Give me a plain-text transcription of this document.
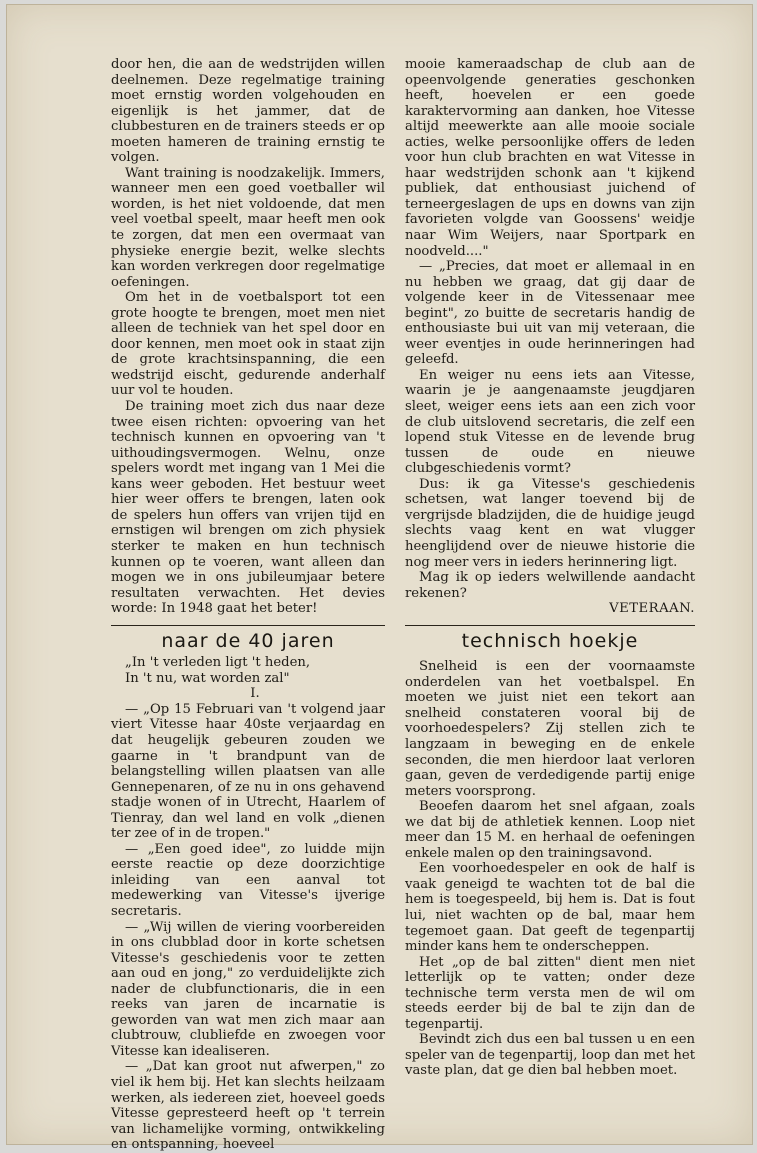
door hen, die aan de wedstrijden willen deelnemen. Deze regelmatige training moet ernstig worden volgehouden en eigenlijk is het jammer, dat de clubbesturen en de trainers steeds er op moeten hameren de training ernstig te volgen.

Want training is noodzakelijk. Immers, wanneer men een goed voetballer wil worden, is het niet voldoende, dat men veel voetbal speelt, maar heeft men ook te zorgen, dat men een overmaat van physieke energie bezit, welke slechts kan worden verkregen door regelmatige oefeningen.

Om het in de voetbalsport tot een grote hoogte te brengen, moet men niet alleen de techniek van het spel door en door kennen, men moet ook in staat zijn de grote krachtsinspanning, die een wedstrijd eischt, gedurende anderhalf uur vol te houden.

De training moet zich dus naar deze twee eisen richten: opvoering van het technisch kunnen en opvoering van 't uithoudingsvermogen. Welnu, onze spelers wordt met ingang van 1 Mei die kans weer geboden. Het bestuur weet hier weer offers te brengen, laten ook de spelers hun offers van vrijen tijd en ernstigen wil brengen om zich physiek sterker te maken en hun technisch kunnen op te voeren, want alleen dan mogen we in ons jubileumjaar betere resultaten verwachten. Het devies worde: In 1948 gaat het beter!

naar de 40 jaren

„In 't verleden ligt 't heden,

In 't nu, wat worden zal"

I.

— „Op 15 Februari van 't volgend jaar viert Vitesse haar 40ste verjaardag en dat heugelijk gebeuren zouden we gaarne in 't brandpunt van de belangstelling willen plaatsen van alle Gennepenaren, of ze nu in ons gehavend stadje wonen of in Utrecht, Haarlem of Tienray, dan wel land en volk „dienen ter zee of in de tropen."

— „Een goed idee", zo luidde mijn eerste reactie op deze doorzichtige inleiding van een aanval tot medewerking van Vitesse's ijverige secretaris.

— „Wij willen de viering voorbereiden in ons clubblad door in korte schetsen Vitesse's geschiedenis voor te zetten aan oud en jong," zo verduidelijkte zich nader de clubfunctionaris, die in een reeks van jaren de incarnatie is geworden van wat men zich maar aan clubtrouw, clubliefde en zwoegen voor Vitesse kan idealiseren.

— „Dat kan groot nut afwerpen," zo viel ik hem bij. Het kan slechts heilzaam werken, als iedereen ziet, hoeveel goeds Vitesse gepresteerd heeft op 't terrein van lichamelijke vorming, ontwikkeling en ontspanning, hoeveel

mooie kameraadschap de club aan de opeenvolgende generaties geschonken heeft, hoevelen er een goede karaktervorming aan danken, hoe Vitesse altijd meewerkte aan alle mooie sociale acties, welke persoonlijke offers de leden voor hun club brachten en wat Vitesse in haar wedstrijden schonk aan 't kijkend publiek, dat enthousiast juichend of terneergeslagen de ups en downs van zijn favorieten volgde van Goossens' weidje naar Wim Weijers, naar Sportpark en noodveld...."

— „Precies, dat moet er allemaal in en nu hebben we graag, dat gij daar de volgende keer in de Vitessenaar mee begint", zo buitte de secretaris handig de enthousiaste bui uit van mij veteraan, die weer eventjes in oude herinneringen had geleefd.

En weiger nu eens iets aan Vitesse, waarin je je aangenaamste jeugdjaren sleet, weiger eens iets aan een zich voor de club uitslovend secretaris, die zelf een lopend stuk Vitesse en de levende brug tussen de oude en nieuwe clubgeschiedenis vormt?

Dus: ik ga Vitesse's geschiedenis schetsen, wat langer toevend bij de vergrijsde bladzijden, die de huidige jeugd slechts vaag kent en wat vlugger heenglijdend over de nieuwe historie die nog meer vers in ieders herinnering ligt.

Mag ik op ieders welwillende aandacht rekenen?

VETERAAN.

technisch hoekje

Snelheid is een der voornaamste onderdelen van het voetbalspel. En moeten we juist niet een tekort aan snelheid constateren vooral bij de voorhoedespelers? Zij stellen zich te langzaam in beweging en de enkele seconden, die men hierdoor laat verloren gaan, geven de verdedigende partij enige meters voorsprong.

Beoefen daarom het snel afgaan, zoals we dat bij de athletiek kennen. Loop niet meer dan 15 M. en herhaal de oefeningen enkele malen op den trainingsavond.

Een voorhoedespeler en ook de half is vaak geneigd te wachten tot de bal die hem is toegespeeld, bij hem is. Dat is fout lui, niet wachten op de bal, maar hem tegemoet gaan. Dat geeft de tegenpartij minder kans hem te onderscheppen.

Het „op de bal zitten" dient men niet letterlijk op te vatten; onder deze technische term versta men de wil om steeds eerder bij de bal te zijn dan de tegenpartij.

Bevindt zich dus een bal tussen u en een speler van de tegenpartij, loop dan met het vaste plan, dat ge dien bal hebben moet.
